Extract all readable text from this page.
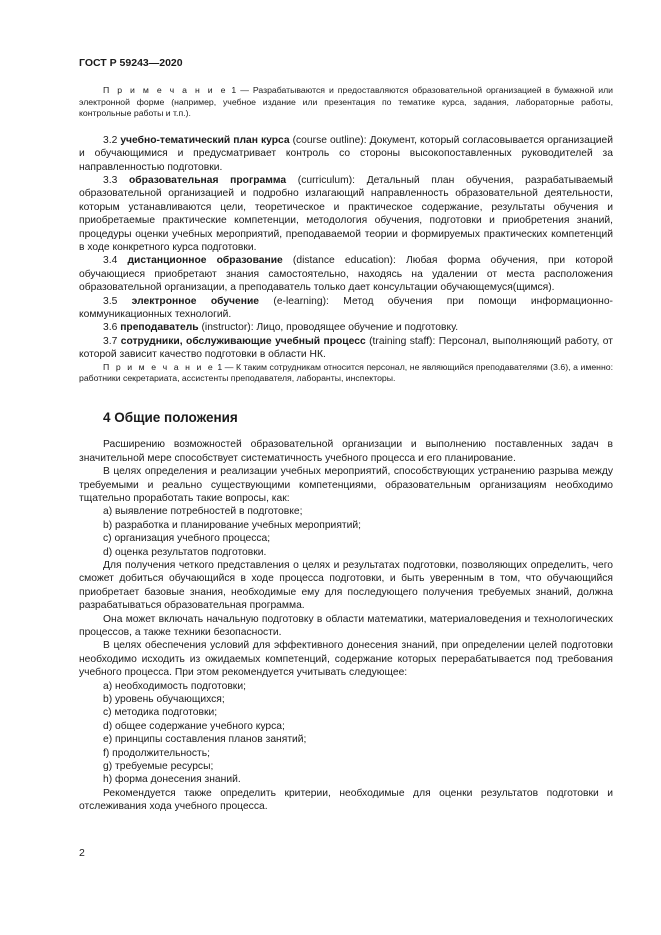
ГОСТ Р 59243—2020

П р и м е ч а н и е 1 — Разрабатываются и предоставляются образовательной организацией в бумажной или электронной форме (например, учебное издание или презентация по тематике курса, задания, лабораторные работы, контрольные работы и т.п.).

3.2 учебно-тематический план курса (course outline): Документ, который согласовывается организацией и обучающимися и предусматривает контроль со стороны высокопоставленных руководителей за направленностью подготовки.

3.3 образовательная программа (curriculum): Детальный план обучения, разрабатываемый образовательной организацией и подробно излагающий направленность образовательной деятельности, которым устанавливаются цели, теоретическое и практическое содержание, результаты обучения и приобретаемые практические компетенции, методология обучения, подготовки и приобретения знаний, процедуры оценки учебных мероприятий, преподаваемой теории и формируемых практических компетенций в ходе конкретного курса подготовки.

3.4 дистанционное образование (distance education): Любая форма обучения, при которой обучающиеся приобретают знания самостоятельно, находясь на удалении от места расположения образовательной организации, а преподаватель только дает консультации обучающемуся(щимся).

3.5 электронное обучение (e-learning): Метод обучения при помощи информационно-коммуникационных технологий.

3.6 преподаватель (instructor): Лицо, проводящее обучение и подготовку.

3.7 сотрудники, обслуживающие учебный процесс (training staff): Персонал, выполняющий работу, от которой зависит качество подготовки в области НК.

П р и м е ч а н и е 1 — К таким сотрудникам относится персонал, не являющийся преподавателями (3.6), а именно: работники секретариата, ассистенты преподавателя, лаборанты, инспекторы.

4 Общие положения

Расширению возможностей образовательной организации и выполнению поставленных задач в значительной мере способствует систематичность учебного процесса и его планирование.

В целях определения и реализации учебных мероприятий, способствующих устранению разрыва между требуемыми и реально существующими компетенциями, образовательным организациям необходимо тщательно проработать такие вопросы, как:

a) выявление потребностей в подготовке;

b) разработка и планирование учебных мероприятий;

c) организация учебного процесса;

d) оценка результатов подготовки.

Для получения четкого представления о целях и результатах подготовки, позволяющих определить, чего сможет добиться обучающийся в ходе процесса подготовки, и быть уверенным в том, что обучающийся приобретает базовые знания, необходимые ему для последующего получения требуемых знаний, должна разрабатываться образовательная программа.

Она может включать начальную подготовку в области математики, материаловедения и технологических процессов, а также техники безопасности.

В целях обеспечения условий для эффективного донесения знаний, при определении целей подготовки необходимо исходить из ожидаемых компетенций, содержание которых перерабатывается под требования учебного процесса. При этом рекомендуется учитывать следующее:

a) необходимость подготовки;

b) уровень обучающихся;

c) методика подготовки;

d) общее содержание учебного курса;

e) принципы составления планов занятий;

f) продолжительность;

g) требуемые ресурсы;

h) форма донесения знаний.

Рекомендуется также определить критерии, необходимые для оценки результатов подготовки и отслеживания хода учебного процесса.

2
